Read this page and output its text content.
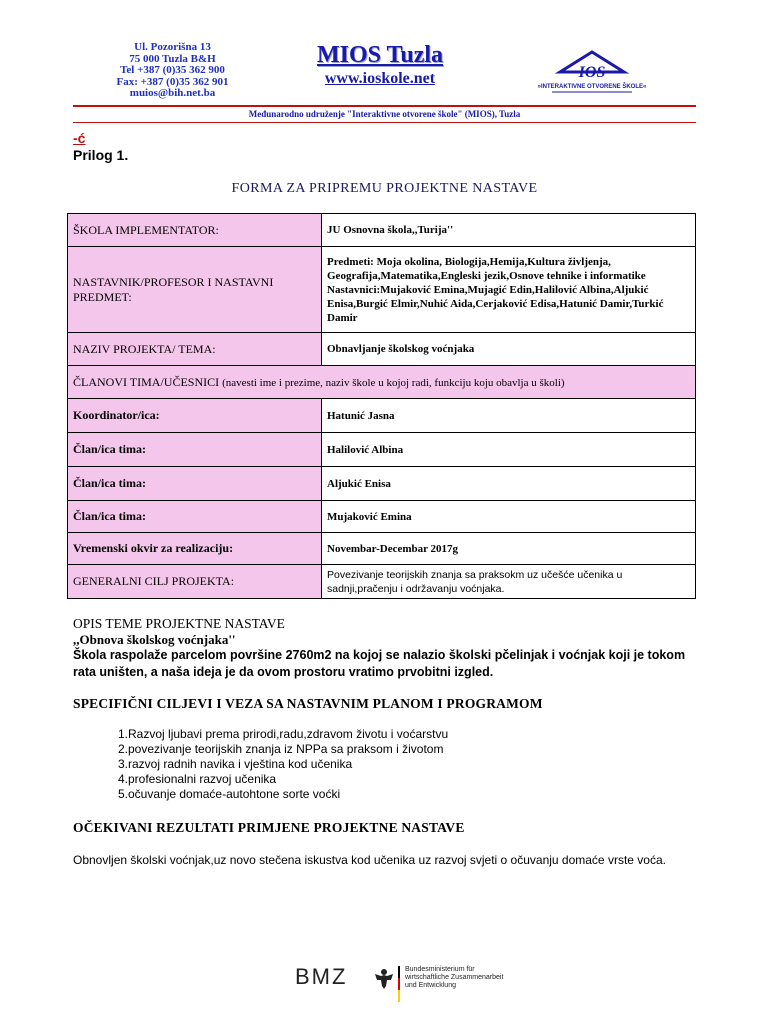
Ul. Pozorišna 13
75 000 Tuzla B&H
Tel +387 (0)35 362 900
Fax: +387 (0)35 362 901
muios@bih.net.ba
MIOS Tuzla
www.ioskole.net	IOS
»INTERAKTIVNE OTVORENE ŠKOLE«
Međunarodno udruženje "Interaktivne otvorene škole" (MIOS), Tuzla
-ć
Prilog 1.
FORMA ZA PRIPREMU PROJEKTNE NASTAVE
ŠKOLA IMPLEMENTATOR:	JU Osnovna škola,,Turija''
NASTAVNIK/PROFESOR I NASTAVNI PREDMET:	Predmeti: Moja okolina, Biologija,Hemija,Kultura življenja, Geografija,Matematika,Engleski jezik,Osnove tehnike i informatike
Nastavnici:Mujaković Emina,Mujagić Edin,Halilović Albina,Aljukić Enisa,Burgić Elmir,Nuhić Aida,Cerjaković Edisa,Hatunić Damir,Turkić Damir

NAZIV PROJEKTA/ TEMA:	Obnavljanje školskog voćnjaka
ČLANOVI TIMA/UČESNICI (navesti ime i prezime, naziv škole u kojoj radi, funkciju koju obavlja u školi)	
Koordinator/ica:	Hatunić Jasna
Član/ica tima:	Halilović Albina
Član/ica tima:	Aljukić Enisa
Član/ica tima:	Mujaković Emina
Vremenski okvir za realizaciju:	Novembar-Decembar 2017g
GENERALNI CILJ PROJEKTA:	Povezivanje teorijskih znanja sa praksokm uz učešće učenika u sadnji,pračenju i održavanju voćnjaka.
OPIS TEME PROJEKTNE NASTAVE
,,Obnova školskog voćnjaka''
Škola raspolaže parcelom površine 2760m2 na kojoj se nalazio školski pčelinjak i voćnjak koji je tokom rata uništen, a naša ideja je da ovom prostoru vratimo prvobitni izgled.
SPECIFIČNI CILJEVI I VEZA SA NASTAVNIM PLANOM I PROGRAMOM
1.Razvoj ljubavi prema prirodi,radu,zdravom životu i voćarstvu
2.povezivanje teorijskih znanja iz NPPa sa praksom i životom
3.razvoj radnih navika i vještina kod učenika
4.profesionalni razvoj učenika
5.očuvanje domaće-autohtone sorte voćki
OČEKIVANI REZULTATI PRIMJENE PROJEKTNE NASTAVE
Obnovljen školski voćnjak,uz novo stečena iskustva kod učenika uz razvoj svjeti o očuvanju domaće vrste voća.
BMZ	Bundesministerium für
wirtschaftliche Zusammenarbeit
und Entwicklung
